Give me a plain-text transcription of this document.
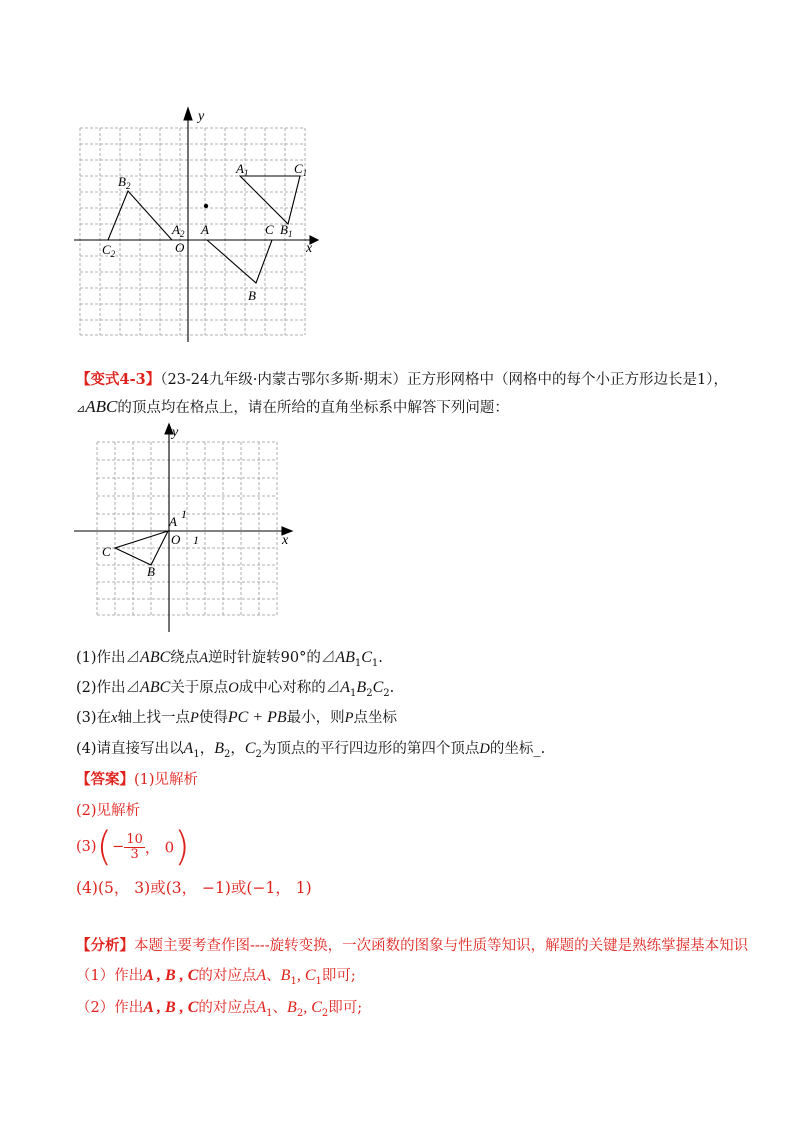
y
x
O
$A_1$	$C_1$
$B_2$
$A_2$
$C_2$
A	C $B_1$
B
【变式4-3】（23-24九年级·内蒙古鄂尔多斯·期末）正方形网格中（网格中的每个小正方形边长是1），
⊿ABC的顶点均在格点上，请在所给的直角坐标系中解答下列问题：
y
x
O 1
1
A
C
B
(1)作出⊿ABC绕点A逆时针旋转90°的$⊿AB_1C_1$.
(2)作出⊿ABC关于原点O成中心对称的$⊿A_1B_2C_2$.
(3)在x轴上找一点P使得PC + PB最小，则P点坐标
(4)请直接写出以$A_1$，$B_2$，$C_2$为顶点的平行四边形的第四个顶点D的坐标_.
【答案】(1)见解析
(2)见解析
$(3)(- \frac{10}{3}$ ， 0)
(4)(5， 3)或(3， −1)或(−1， 1)
【分析】本题主要考查作图----旋转变换，一次函数的图象与性质等知识，解题的关键是熟练掌握基本知识
（1）作出A , B , C的对应点A、$B_1$, $C_1$即可;
（2）作出A , B , C的对应点$A_1$、$B_2$, $C_2$即可;
